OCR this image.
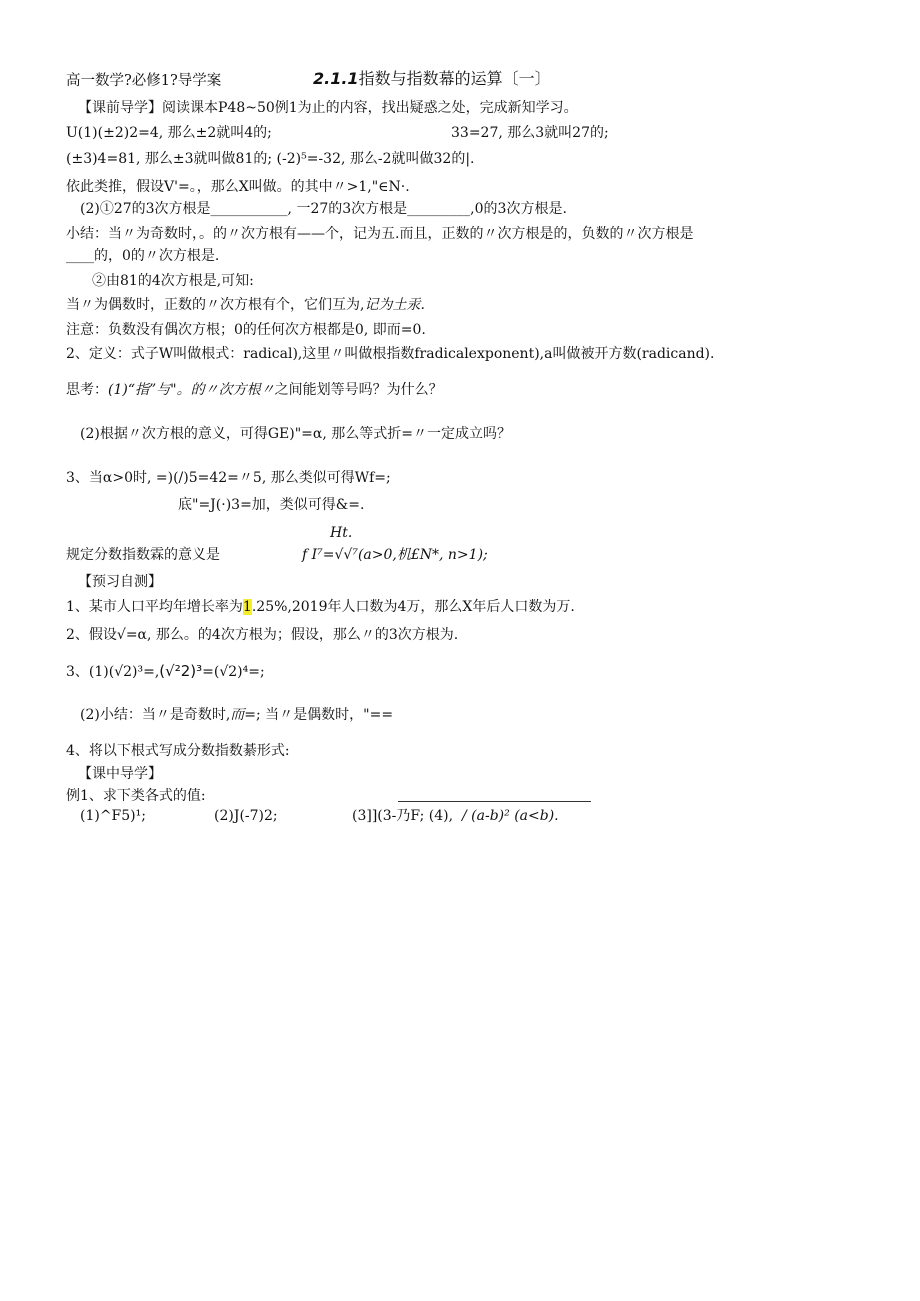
高一数学?必修1?导学案	2.1.1指数与指数幕的运算〔一〕
【课前导学】阅读课本P48~50例1为止的内容，找出疑惑之处，完成新知学习。
U(1)(±2)2=4, 那么±2就叫4的;	33=27, 那么3就叫27的;
(±3)4=81, 那么±3就叫做81的; (-2)⁵=-32, 那么-2就叫做32的|.
依此类推，假设V'=。，那么X叫做。的其中〃>1,"∈N·.
(2)①27的3次方根是___________, 一27的3次方根是_________,0的3次方根是.
小结：当〃为奇数时，。的〃次方根有——个，记为五.而且，正数的〃次方根是的，负数的〃次方根是
____的，0的〃次方根是.
②由81的4次方根是,可知:
当〃为偶数时，正数的〃次方根有个，它们互为,记为土汞.
注意：负数没有偶次方根；0的任何次方根都是0, 即而=0.
2、定义：式子W叫做根式：radical),这里〃叫做根指数fradicalexponent),a叫做被开方数(radicand).
思考：(1)“指”与"。的〃次方根〃之间能划等号吗？为什么？
(2)根据〃次方根的意义，可得GE)"=α, 那么等式折=〃一定成立吗？
3、当α>0时, =)(/)5=42=〃5, 那么类似可得Wf=;
底"=J(·)3=加，类似可得&=.
Ht.
规定分数指数霖的意义是	f I⁷=√√⁷(a>0,机£N*, n>1);
【预习自测】
1、某市人口平均年增长率为1.25%,2019年人口数为4万，那么X年后人口数为万.
2、假设√=α, 那么。的4次方根为；假设，那么〃的3次方根为.
3、(1)(√2)³=,(√²2)³=(√2)⁴=;
(2)小结：当〃是奇数时,而=; 当〃是偶数时，"==
4、将以下根式写成分数指数綦形式:
【课中导学】
例1、求下类各式的值:
(1)^F5)¹;	(2)J(-7)2;	(3]](3-乃F; (4), / (a-b)² (a<b).
